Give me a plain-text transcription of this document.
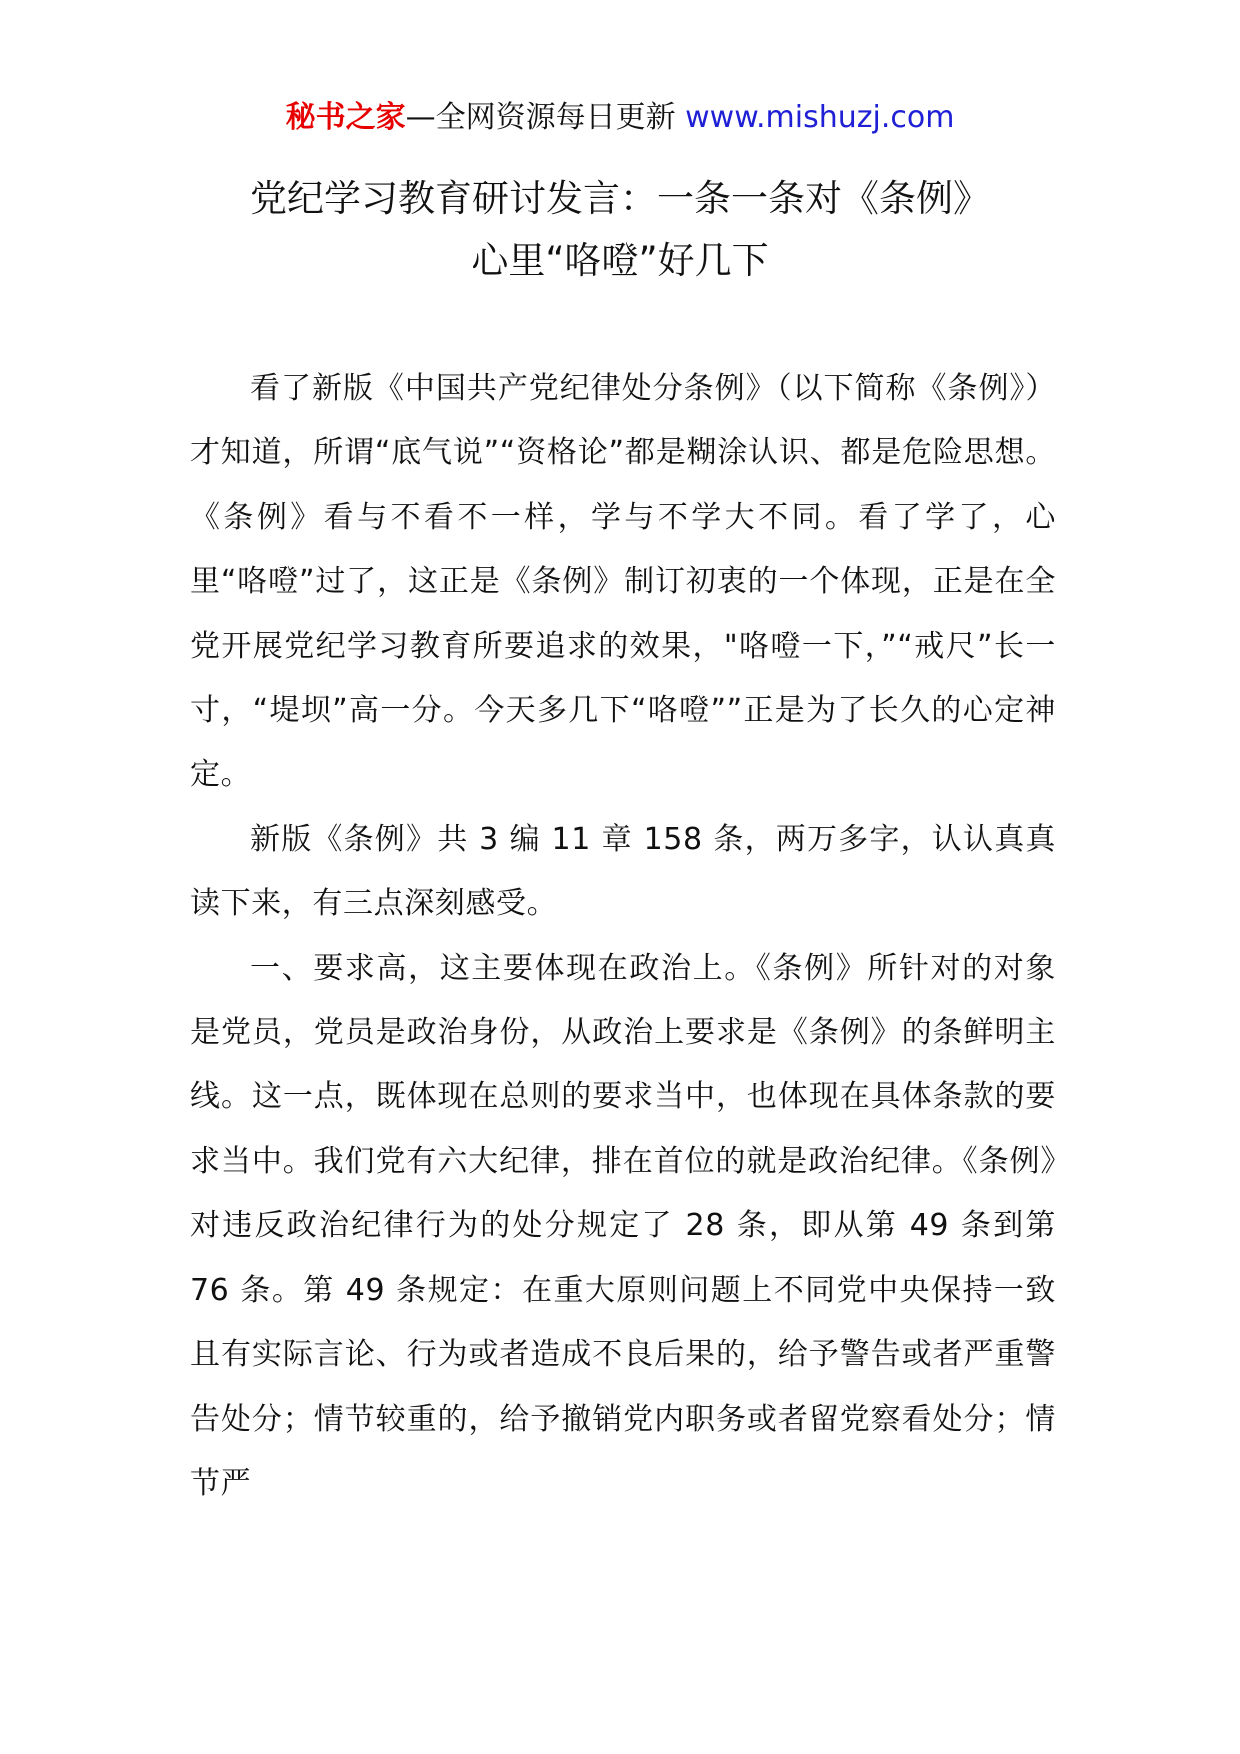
秘书之家—全网资源每日更新 www.mishuzj.com
党纪学习教育研讨发言：一条一条对《条例》
心里“咯噔”好几下

看了新版《中国共产党纪律处分条例》（以下简称《条例》）才知道，所谓“底气说”“资格论”都是糊涂认识、都是危险思想。《条例》看与不看不一样，学与不学大不同。看了学了，心里“咯噔”过了，这正是《条例》制订初衷的一个体现，正是在全党开展党纪学习教育所要追求的效果，"咯噔一下，”“戒尺”长一寸，“堤坝”高一分。今天多几下“咯噔””正是为了长久的心定神定。

新版《条例》共 3 编 11 章 158 条，两万多字，认认真真读下来，有三点深刻感受。

一、要求高，这主要体现在政治上。《条例》所针对的对象是党员，党员是政治身份，从政治上要求是《条例》的条鲜明主线。这一点，既体现在总则的要求当中，也体现在具体条款的要求当中。我们党有六大纪律，排在首位的就是政治纪律。《条例》对违反政治纪律行为的处分规定了 28 条，即从第 49 条到第 76 条。第 49 条规定：在重大原则问题上不同党中央保持一致且有实际言论、行为或者造成不良后果的，给予警告或者严重警告处分；情节较重的，给予撤销党内职务或者留党察看处分；情节严
